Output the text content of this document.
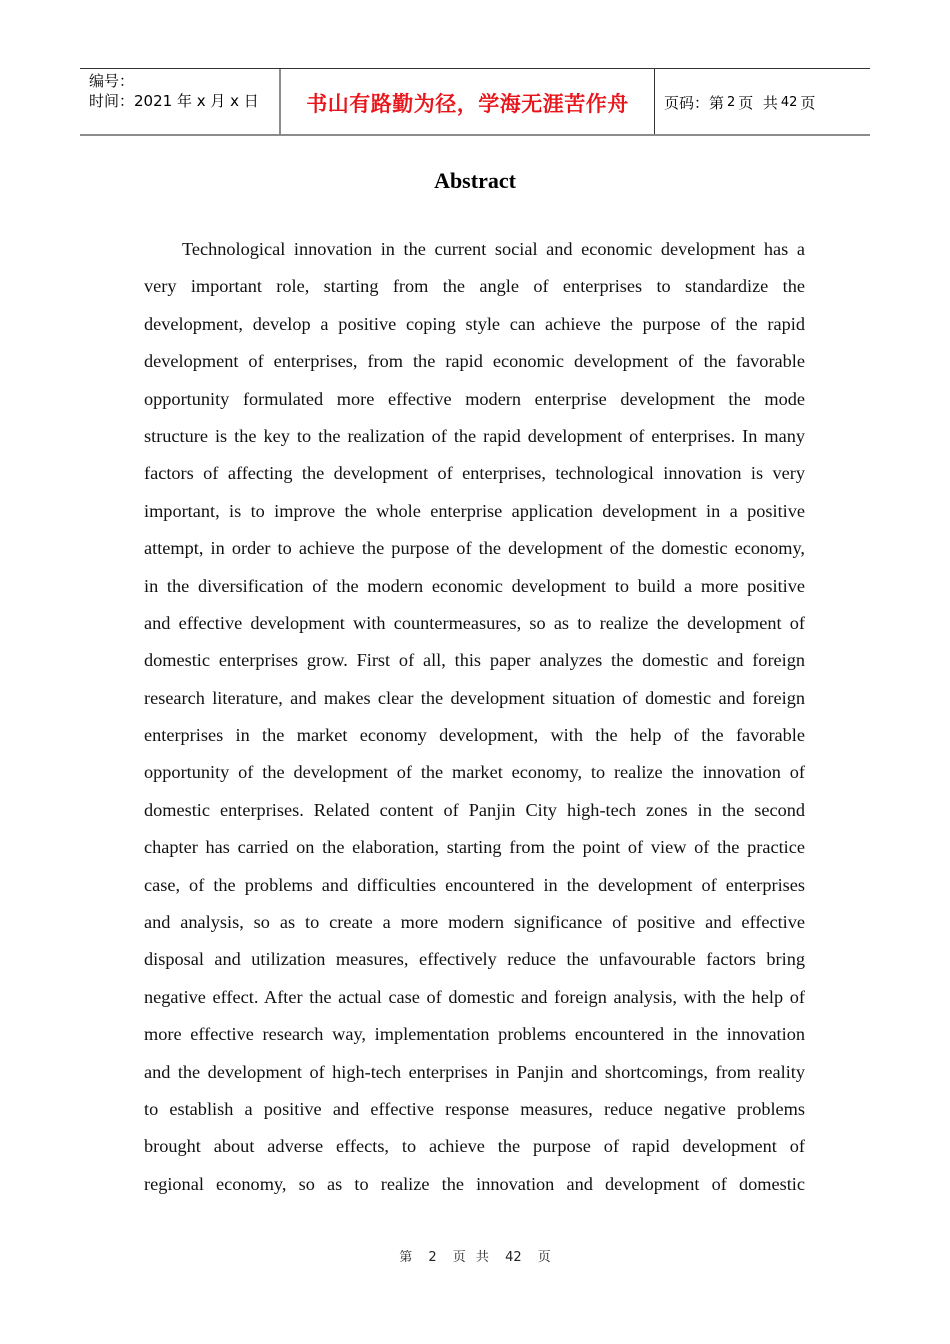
编号：
时间：2021 年 x 月 x 日	书山有路勤为径，学海无涯苦作舟 页码：第 2 页  共 42 页
Abstract
Technological innovation in the current social and economic development has a
very important role, starting from the angle of enterprises to standardize the
development, develop a positive coping style can achieve the purpose of the rapid
development of enterprises, from the rapid economic development of the favorable
opportunity formulated more effective modern enterprise development the mode
structure is the key to the realization of the rapid development of enterprises. In many
factors of affecting the development of enterprises, technological innovation is very
important, is to improve the whole enterprise application development in a positive
attempt, in order to achieve the purpose of the development of the domestic economy,
in the diversification of the modern economic development to build a more positive
and effective development with countermeasures, so as to realize the development of
domestic enterprises grow. First of all, this paper analyzes the domestic and foreign
research literature, and makes clear the development situation of domestic and foreign
enterprises in the market economy development, with the help of the favorable
opportunity of the development of the market economy, to realize the innovation of
domestic enterprises. Related content of Panjin City high-tech zones in the second
chapter has carried on the elaboration, starting from the point of view of the practice
case, of the problems and difficulties encountered in the development of enterprises
and analysis, so as to create a more modern significance of positive and effective
disposal and utilization measures, effectively reduce the unfavourable factors bring
negative effect. After the actual case of domestic and foreign analysis, with the help of
more effective research way, implementation problems encountered in the innovation
and the development of high-tech enterprises in Panjin and shortcomings, from reality
to establish a positive and effective response measures, reduce negative problems
brought about adverse effects, to achieve the purpose of rapid development of
regional economy, so as to realize the innovation and development of domestic
第 2 页 共 42 页
